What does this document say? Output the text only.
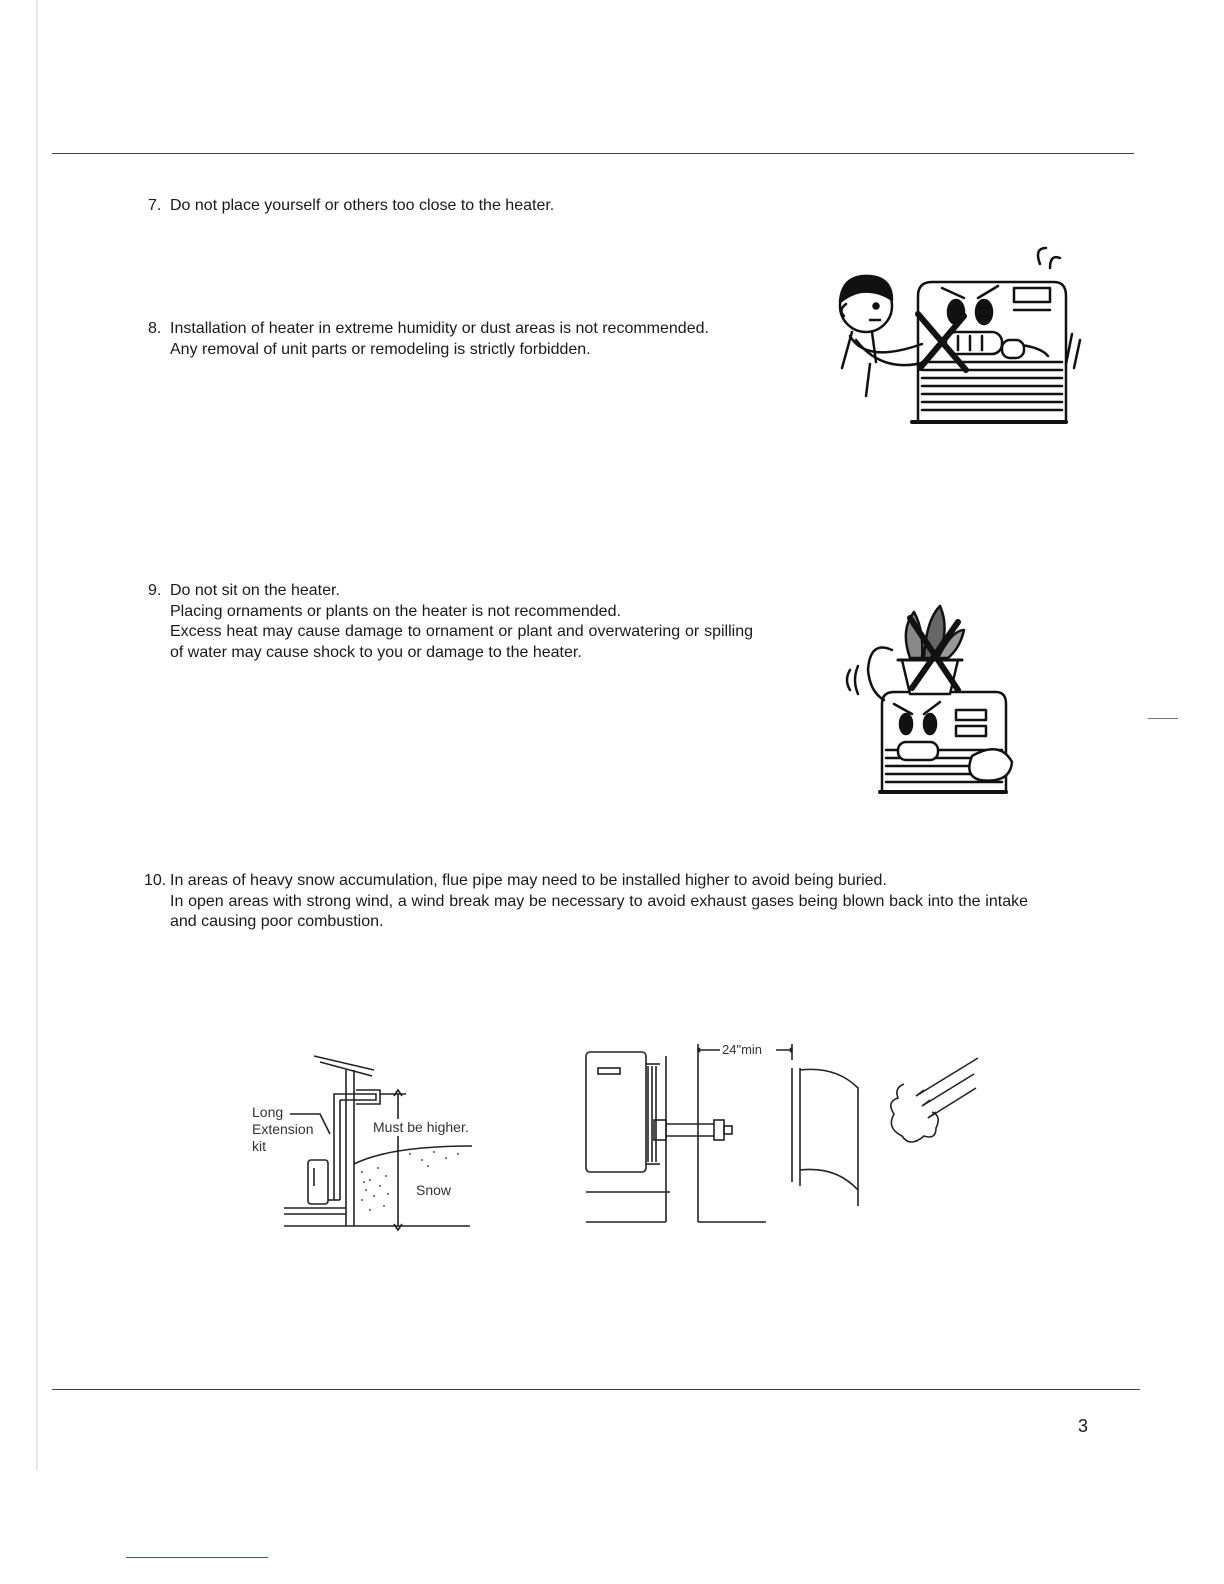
7. Do not place yourself or others too close to the heater.

8. Installation of heater in extreme humidity or dust areas is not recommended.

Any removal of unit parts or remodeling is strictly forbidden.

9. Do not sit on the heater.

Placing ornaments or plants on the heater is not recommended.

Excess heat may cause damage to ornament or plant and overwatering or spilling of water may cause shock to you or damage to the heater.

10. In areas of heavy snow accumulation, flue pipe may need to be installed higher to avoid being buried.

In open areas with strong wind, a wind break may be necessary to avoid exhaust gases being blown back into the intake and causing poor combustion.

Long
Extension
kit
Must be higher.
Snow
24"min
3
